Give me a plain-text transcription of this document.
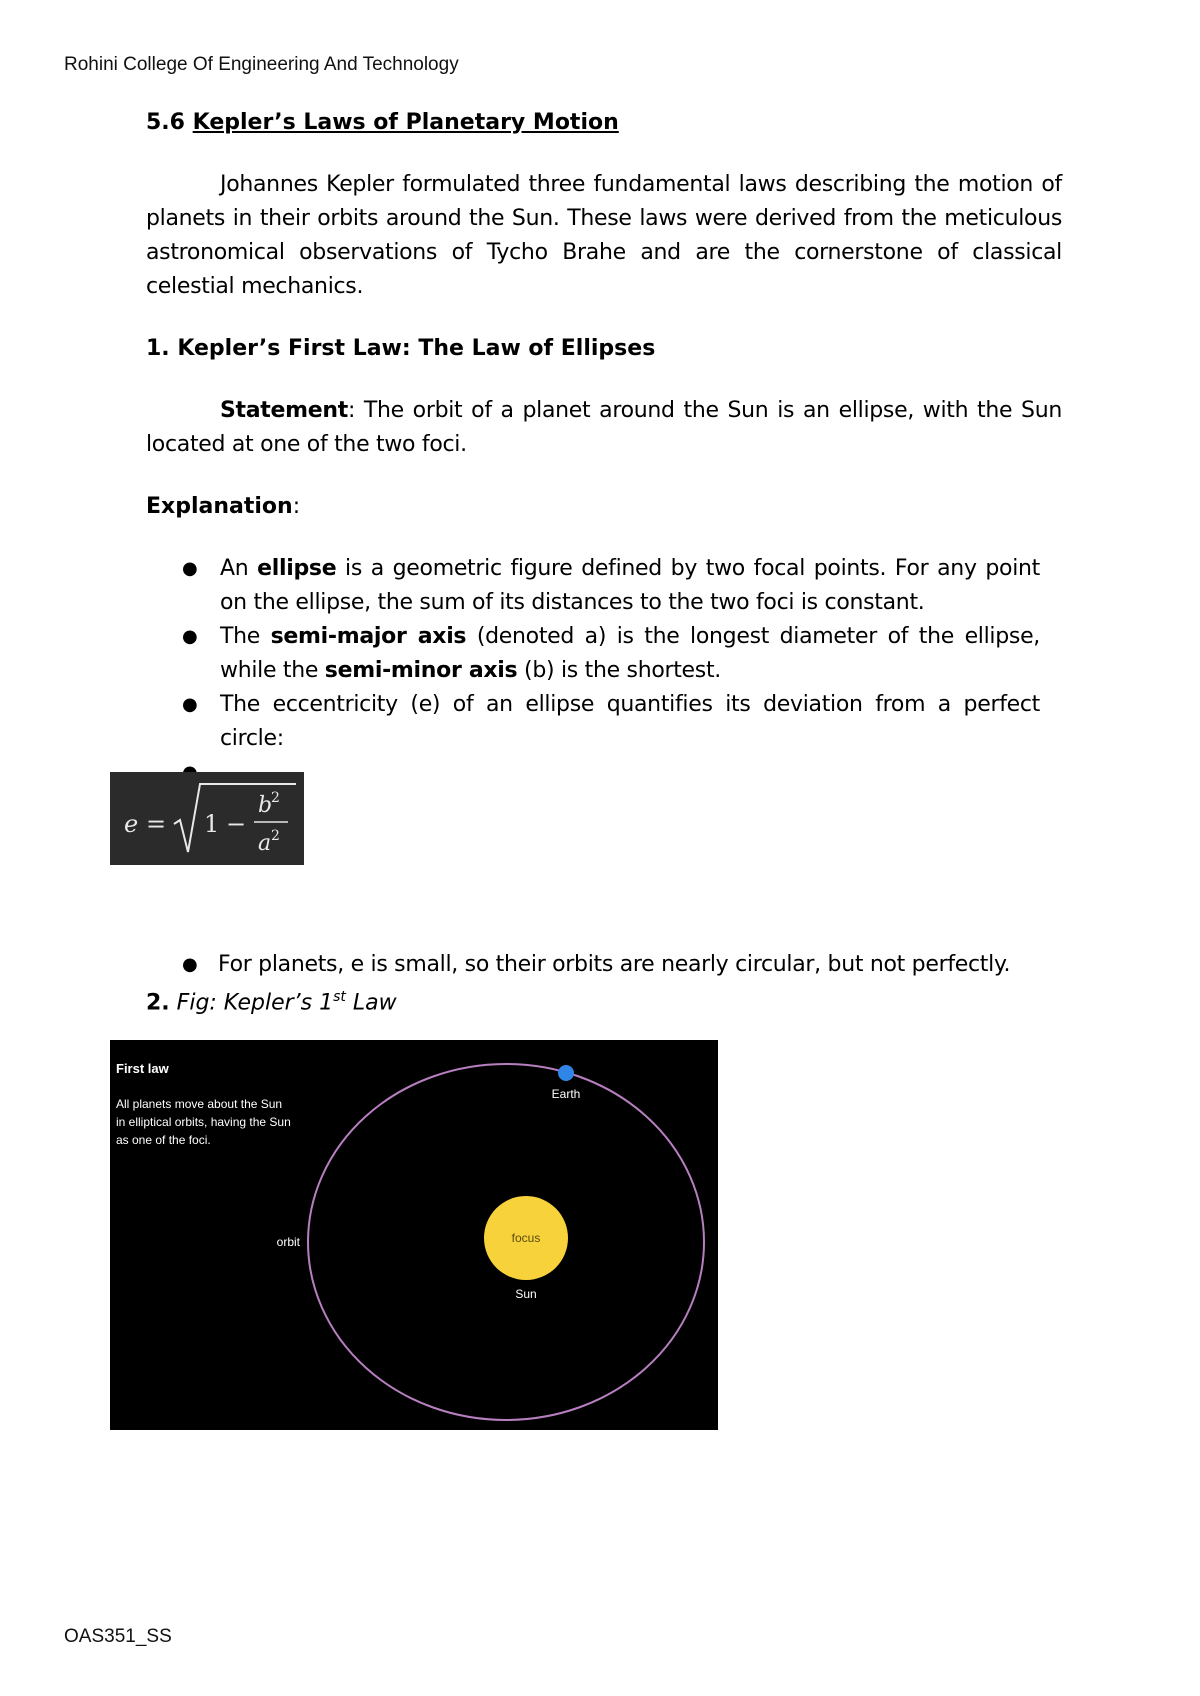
Rohini College Of Engineering And Technology

5.6 Kepler’s Laws of Planetary Motion

Johannes Kepler formulated three fundamental laws describing the motion of planets in their orbits around the Sun. These laws were derived from the meticulous astronomical observations of Tycho Brahe and are the cornerstone of classical celestial mechanics.

1. Kepler’s First Law: The Law of Ellipses

Statement: The orbit of a planet around the Sun is an ellipse, with the Sun located at one of the two foci.

Explanation:

● An ellipse is a geometric figure defined by two focal points. For any point on the ellipse, the sum of its distances to the two foci is constant.
● The semi-major axis (denoted a) is the longest diameter of the ellipse, while the semi-minor axis (b) is the shortest.
● The eccentricity (e) of an ellipse quantifies its deviation from a perfect circle:
e = 1 −
b
2
a 2
● For planets, e is small, so their orbits are nearly circular, but not perfectly.
2. Fig: Kepler’s 1st Law
First law
All planets move about the Sun
in elliptical orbits, having the Sun
as one of the foci.
focus
Sun
Earth
orbit
OAS351_SS
